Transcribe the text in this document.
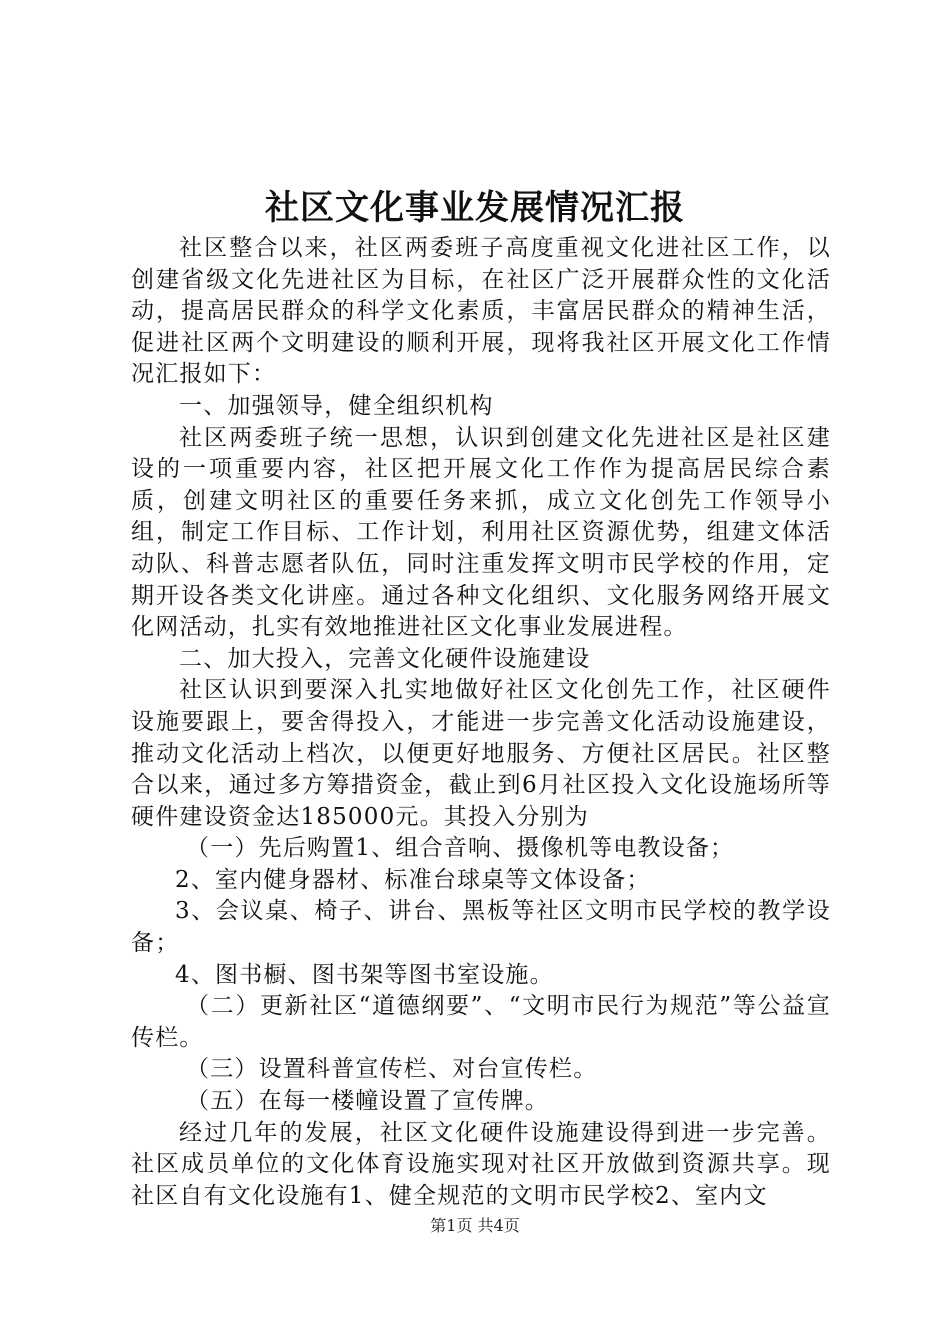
社区文化事业发展情况汇报

社区整合以来，社区两委班子高度重视文化进社区工作，以创建省级文化先进社区为目标，在社区广泛开展群众性的文化活动，提高居民群众的科学文化素质，丰富居民群众的精神生活，促进社区两个文明建设的顺利开展，现将我社区开展文化工作情况汇报如下：

一、加强领导，健全组织机构

社区两委班子统一思想，认识到创建文化先进社区是社区建设的一项重要内容，社区把开展文化工作作为提高居民综合素质，创建文明社区的重要任务来抓，成立文化创先工作领导小组，制定工作目标、工作计划，利用社区资源优势，组建文体活动队、科普志愿者队伍，同时注重发挥文明市民学校的作用，定期开设各类文化讲座。通过各种文化组织、文化服务网络开展文化网活动，扎实有效地推进社区文化事业发展进程。

二、加大投入，完善文化硬件设施建设

社区认识到要深入扎实地做好社区文化创先工作，社区硬件设施要跟上，要舍得投入，才能进一步完善文化活动设施建设，推动文化活动上档次，以便更好地服务、方便社区居民。社区整合以来，通过多方筹措资金，截止到6月社区投入文化设施场所等硬件建设资金达185000元。其投入分别为

（一）先后购置1、组合音响、摄像机等电教设备；

2、室内健身器材、标准台球桌等文体设备；

3、会议桌、椅子、讲台、黑板等社区文明市民学校的教学设备；

4、图书橱、图书架等图书室设施。

（二）更新社区“道德纲要”、“文明市民行为规范”等公益宣传栏。

（三）设置科普宣传栏、对台宣传栏。

（五）在每一楼幢设置了宣传牌。

经过几年的发展，社区文化硬件设施建设得到进一步完善。社区成员单位的文化体育设施实现对社区开放做到资源共享。现社区自有文化设施有1、健全规范的文明市民学校2、室内文

第1页 共4页
